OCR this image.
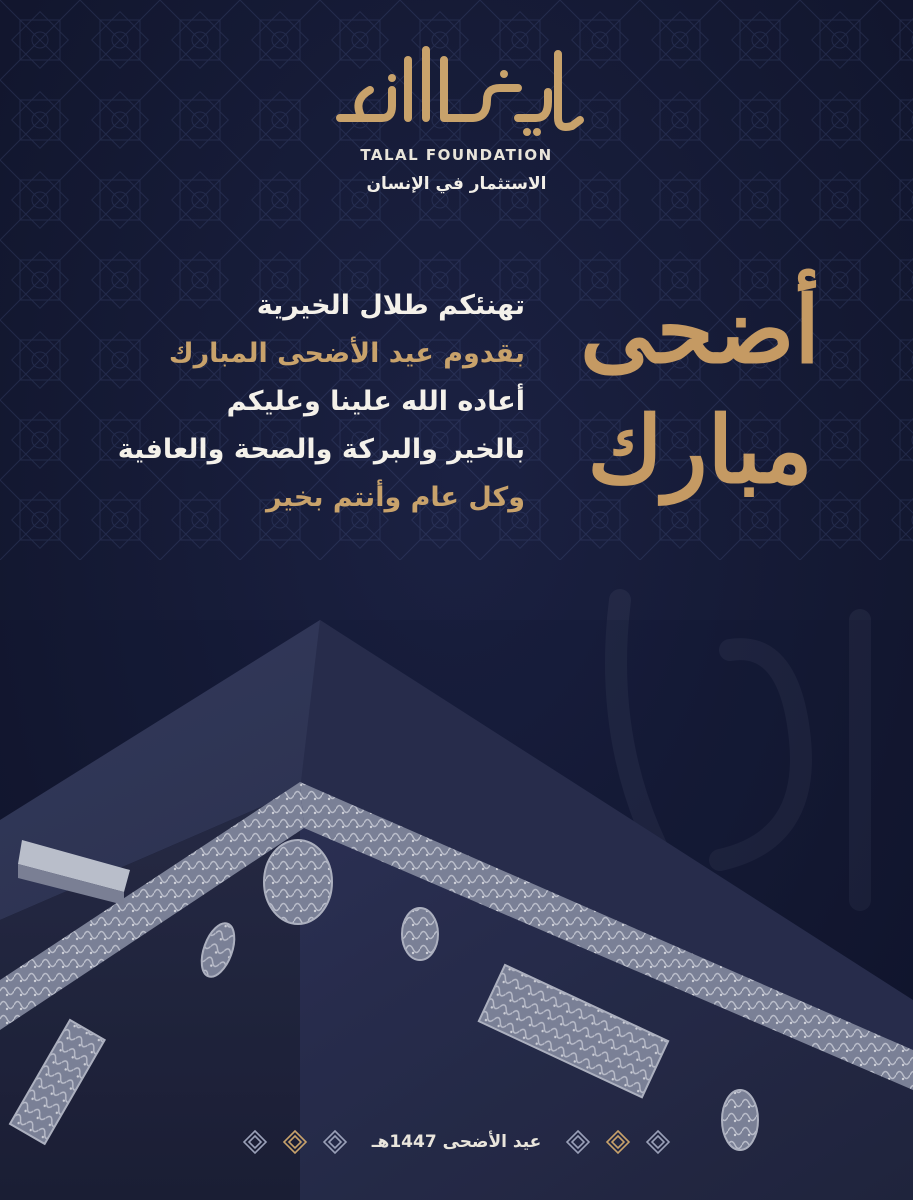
TALAL FOUNDATION
الاستثمار في الإنسان
تهنئكم طلال الخيرية
بقدوم عيد الأضحى المبارك
أعاده الله علينا وعليكم
بالخير والبركة والصحة والعافية
وكل عام وأنتم بخير
أضحى
مبارك
عيد الأضحى 1447هـ
